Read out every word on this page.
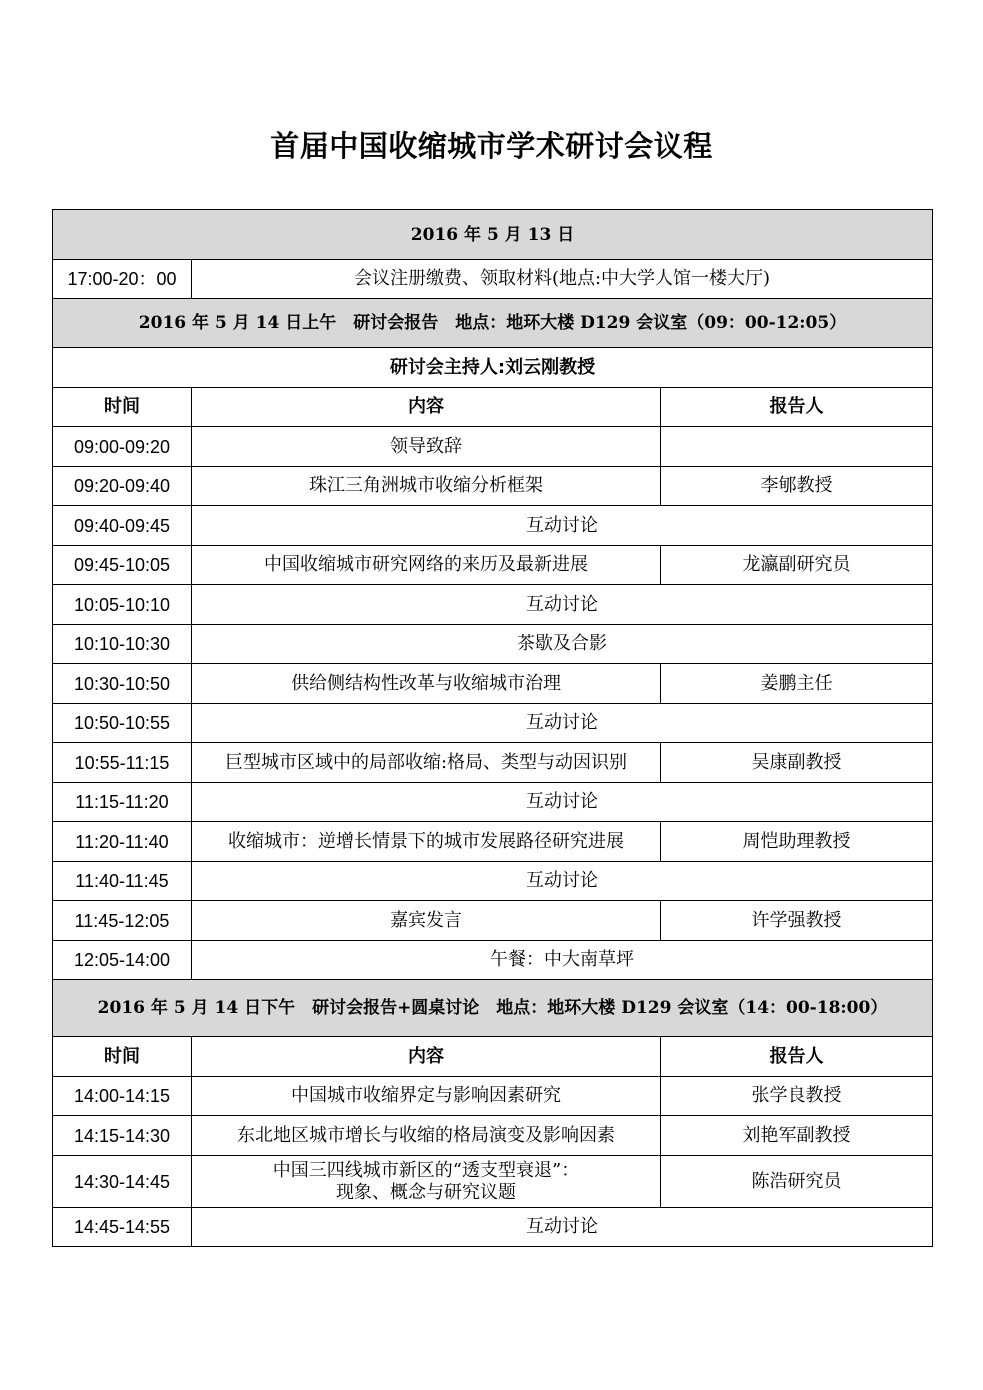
首届中国收缩城市学术研讨会议程
2016 年 5 月 13 日		
17:00-20：00	会议注册缴费、领取材料(地点:中大学人馆一楼大厅)	
2016 年 5 月 14 日上午　研讨会报告　地点：地环大楼 D129 会议室（09：00-12:05）		
研讨会主持人:刘云刚教授		
时间	内容	报告人
09:00-09:20	领导致辞	
09:20-09:40	珠江三角洲城市收缩分析框架	李郇教授
09:40-09:45	互动讨论	
09:45-10:05	中国收缩城市研究网络的来历及最新进展	龙瀛副研究员
10:05-10:10	互动讨论	
10:10-10:30	茶歇及合影	
10:30-10:50	供给侧结构性改革与收缩城市治理	姜鹏主任
10:50-10:55	互动讨论	
10:55-11:15	巨型城市区域中的局部收缩:格局、类型与动因识别	吴康副教授
11:15-11:20	互动讨论	
11:20-11:40	收缩城市：逆增长情景下的城市发展路径研究进展	周恺助理教授
11:40-11:45	互动讨论	
11:45-12:05	嘉宾发言	许学强教授
12:05-14:00	午餐：中大南草坪	
2016 年 5 月 14 日下午　研讨会报告+圆桌讨论　地点：地环大楼 D129 会议室（14：00-18:00）		
时间	内容	报告人
14:00-14:15	中国城市收缩界定与影响因素研究	张学良教授
14:15-14:30	东北地区城市增长与收缩的格局演变及影响因素	刘艳军副教授
14:30-14:45	中国三四线城市新区的“透支型衰退”：
现象、概念与研究议题	陈浩研究员
14:45-14:55	互动讨论	
